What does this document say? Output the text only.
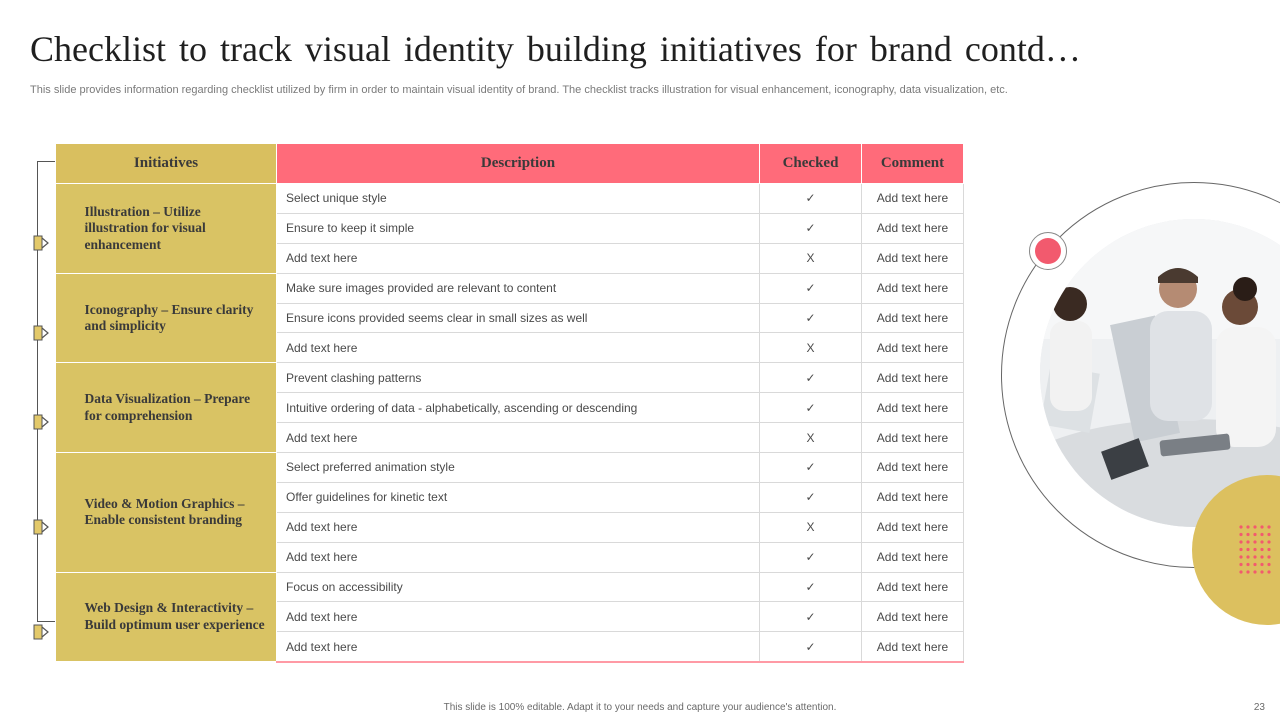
Checklist to track visual identity building initiatives for brand contd…
This slide provides information regarding checklist utilized by firm in order to maintain visual identity of brand. The checklist tracks illustration for visual enhancement, iconography, data visualization, etc.
Initiatives	Description	Checked	Comment
Illustration – Utilize illustration for visual enhancement	Select unique style	✓	Add text here
	Ensure to keep it simple	✓	Add text here
	Add text here	X	Add text here
Iconography – Ensure clarity and simplicity	Make sure images provided are relevant to content	✓	Add text here
	Ensure icons provided seems clear in small sizes as well	✓	Add text here
	Add text here	X	Add text here
Data Visualization – Prepare for comprehension	Prevent clashing patterns	✓	Add text here
	Intuitive ordering of data - alphabetically, ascending or descending	✓	Add text here
	Add text here	X	Add text here
Video & Motion Graphics – Enable consistent branding	Select preferred animation style	✓	Add text here
	Offer guidelines for kinetic text	✓	Add text here
	Add text here	X	Add text here
	Add text here	✓	Add text here
Web Design & Interactivity – Build optimum user experience	Focus on accessibility	✓	Add text here
	Add text here	✓	Add text here
	Add text here	✓	Add text here
This slide is 100% editable. Adapt it to your needs and capture your audience's attention.	23
